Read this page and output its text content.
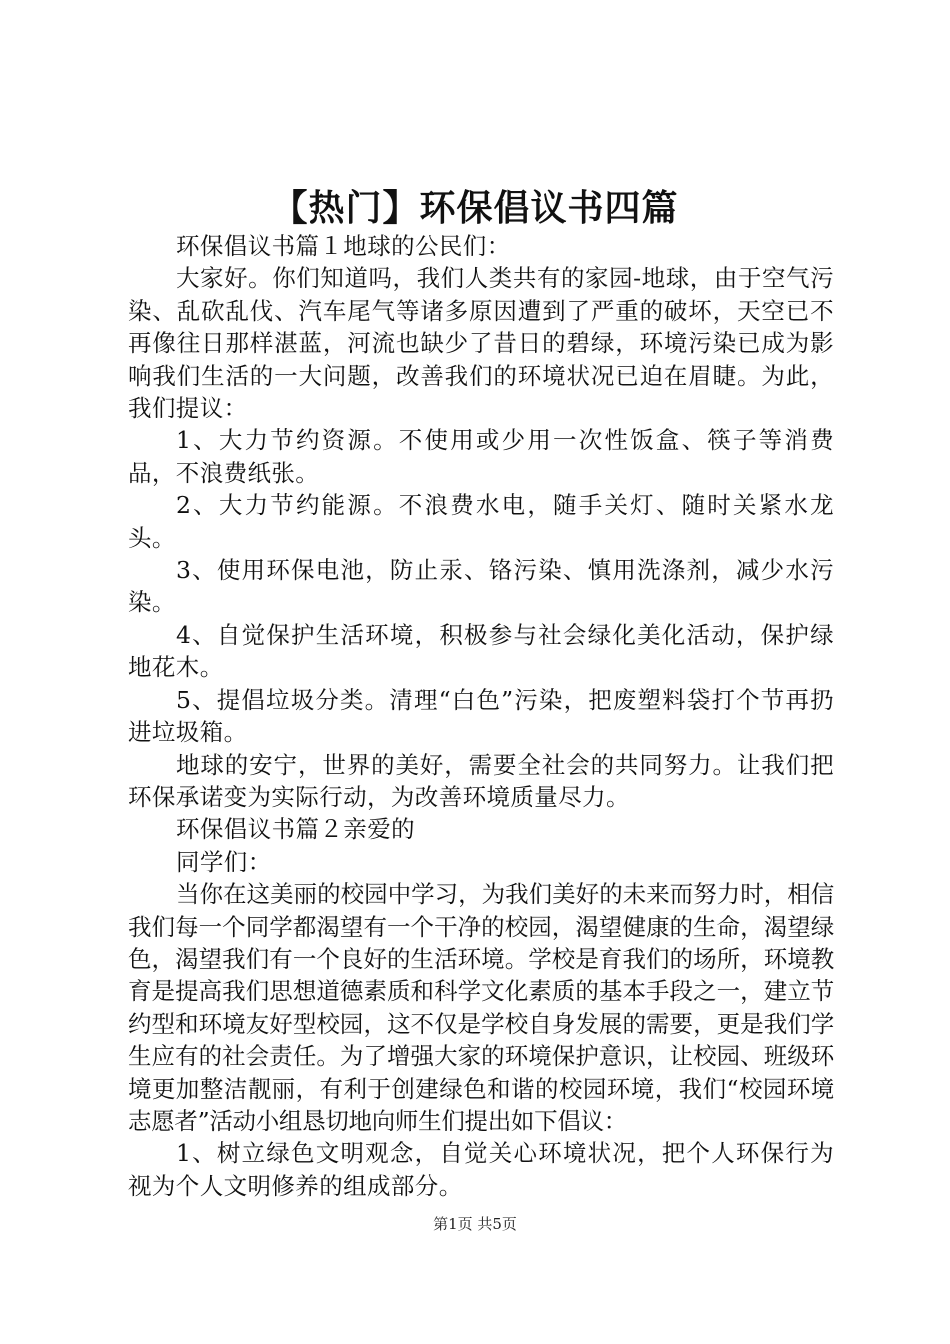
【热门】环保倡议书四篇

环保倡议书篇１地球的公民们：

大家好。你们知道吗，我们人类共有的家园-地球，由于空气污染、乱砍乱伐、汽车尾气等诸多原因遭到了严重的破坏，天空已不再像往日那样湛蓝，河流也缺少了昔日的碧绿，环境污染已成为影响我们生活的一大问题，改善我们的环境状况已迫在眉睫。为此，我们提议：

1、大力节约资源。不使用或少用一次性饭盒、筷子等消费品，不浪费纸张。

2、大力节约能源。不浪费水电，随手关灯、随时关紧水龙头。

3、使用环保电池，防止汞、铬污染、慎用洗涤剂，减少水污染。

4、自觉保护生活环境，积极参与社会绿化美化活动，保护绿地花木。

5、提倡垃圾分类。清理“白色”污染，把废塑料袋打个节再扔进垃圾箱。

地球的安宁，世界的美好，需要全社会的共同努力。让我们把环保承诺变为实际行动，为改善环境质量尽力。

环保倡议书篇２亲爱的

同学们：

当你在这美丽的校园中学习，为我们美好的未来而努力时，相信我们每一个同学都渴望有一个干净的校园，渴望健康的生命，渴望绿色，渴望我们有一个良好的生活环境。学校是育我们的场所，环境教育是提高我们思想道德素质和科学文化素质的基本手段之一，建立节约型和环境友好型校园，这不仅是学校自身发展的需要，更是我们学生应有的社会责任。为了增强大家的环境保护意识，让校园、班级环境更加整洁靓丽，有利于创建绿色和谐的校园环境，我们“校园环境志愿者”活动小组恳切地向师生们提出如下倡议：

1、树立绿色文明观念，自觉关心环境状况，把个人环保行为视为个人文明修养的组成部分。

第1页 共5页
